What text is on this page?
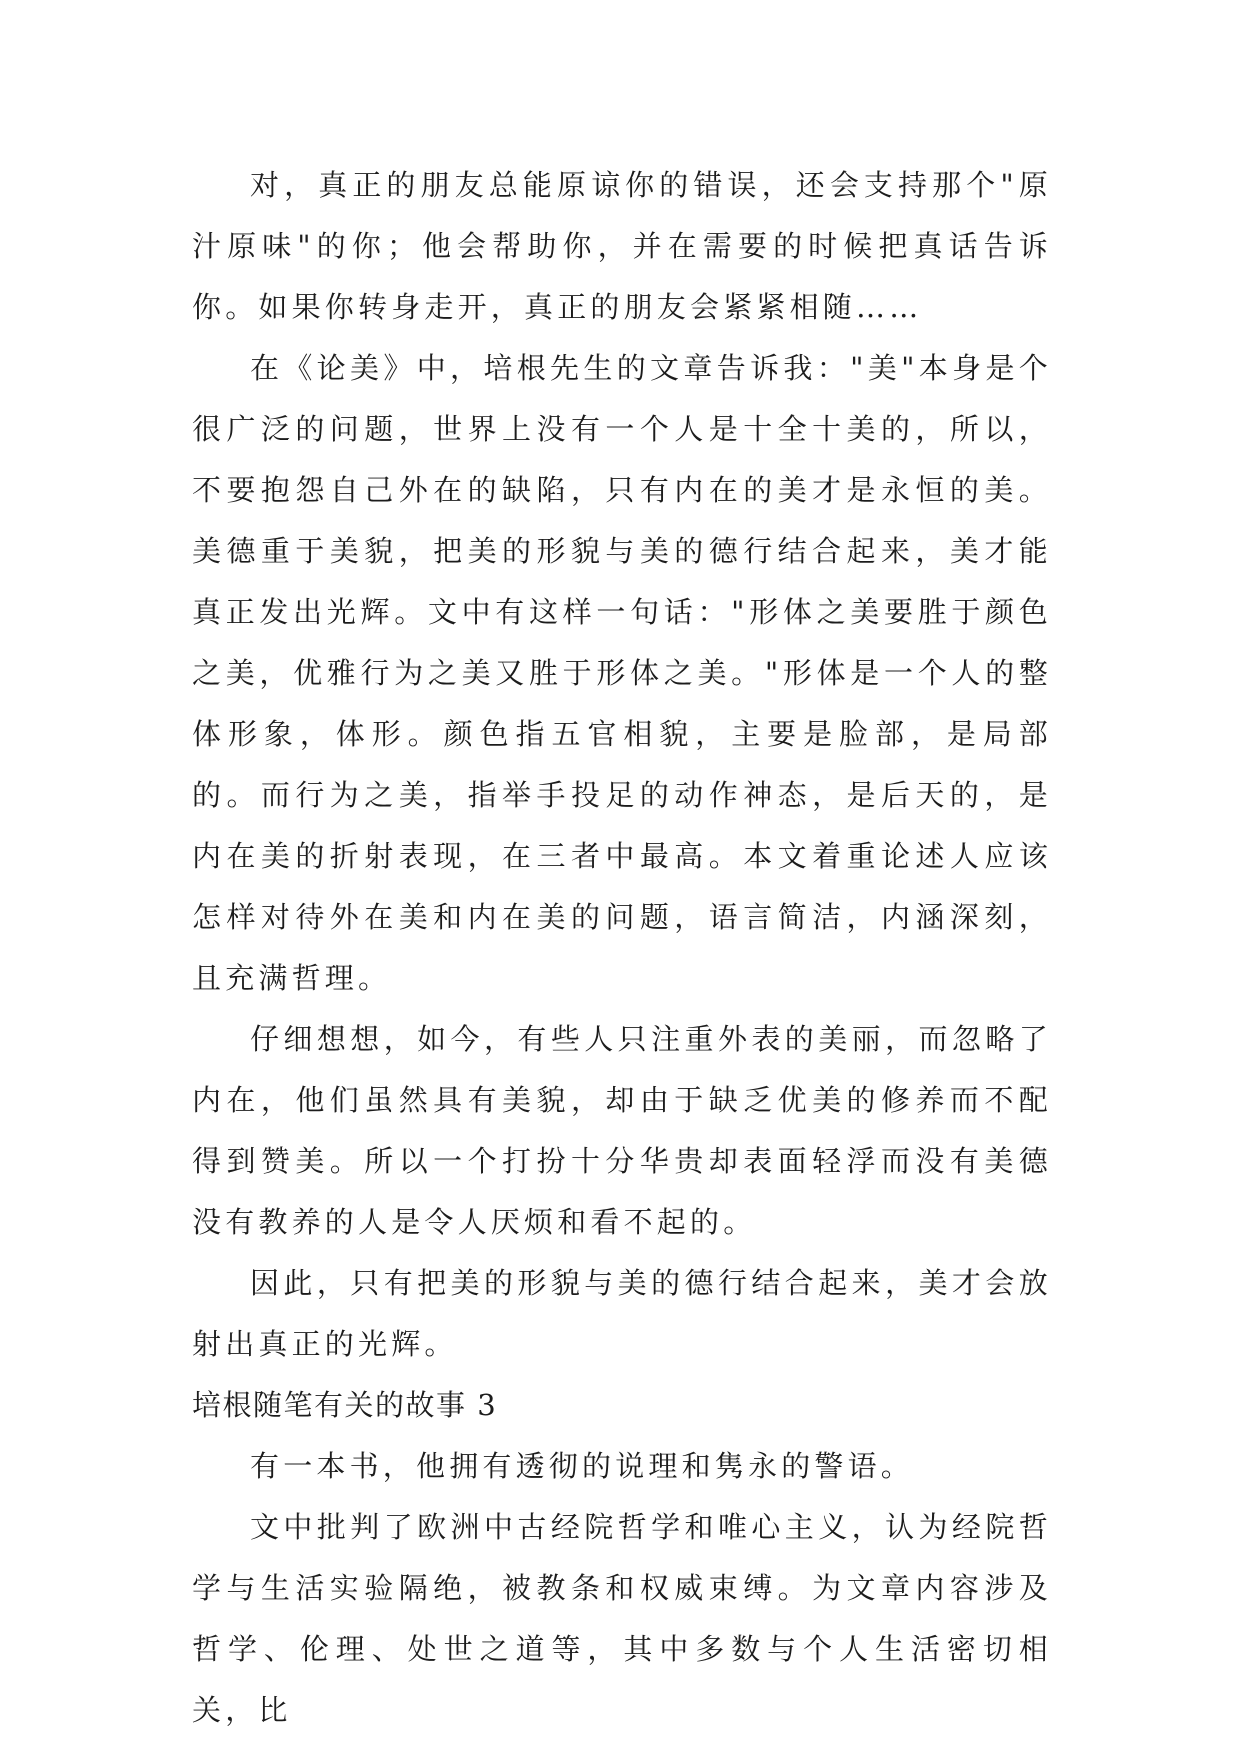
对，真正的朋友总能原谅你的错误，还会支持那个"原汁原味"的你；他会帮助你，并在需要的时候把真话告诉你。如果你转身走开，真正的朋友会紧紧相随……

在《论美》中，培根先生的文章告诉我："美"本身是个很广泛的问题，世界上没有一个人是十全十美的，所以，不要抱怨自己外在的缺陷，只有内在的美才是永恒的美。美德重于美貌，把美的形貌与美的德行结合起来，美才能真正发出光辉。文中有这样一句话："形体之美要胜于颜色之美，优雅行为之美又胜于形体之美。"形体是一个人的整体形象，体形。颜色指五官相貌，主要是脸部，是局部的。而行为之美，指举手投足的动作神态，是后天的，是内在美的折射表现，在三者中最高。本文着重论述人应该怎样对待外在美和内在美的问题，语言简洁，内涵深刻，且充满哲理。

仔细想想，如今，有些人只注重外表的美丽，而忽略了内在，他们虽然具有美貌，却由于缺乏优美的修养而不配得到赞美。所以一个打扮十分华贵却表面轻浮而没有美德没有教养的人是令人厌烦和看不起的。

因此，只有把美的形貌与美的德行结合起来，美才会放射出真正的光辉。

培根随笔有关的故事 3

有一本书，他拥有透彻的说理和隽永的警语。

文中批判了欧洲中古经院哲学和唯心主义，认为经院哲学与生活实验隔绝，被教条和权威束缚。为文章内容涉及哲学、伦理、处世之道等，其中多数与个人生活密切相关，比
